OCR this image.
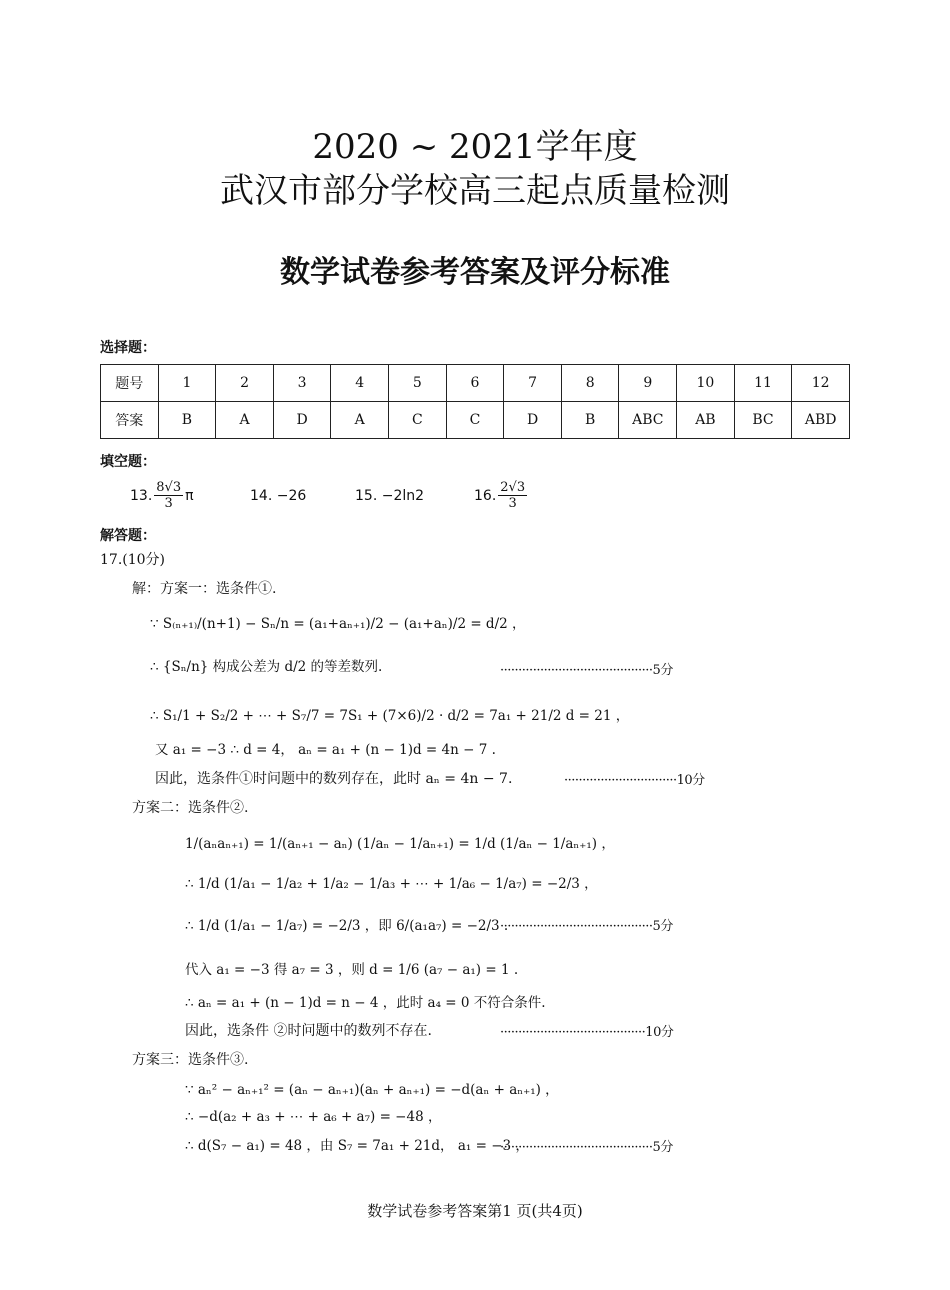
2020 ~ 2021学年度
武汉市部分学校高三起点质量检测
数学试卷参考答案及评分标准
选择题：
题号	1	2	3	4	5	6	7	8	9	10	11	12
答案	B	A	D	A	C	C	D	B	ABC	AB	BC	ABD
填空题：
13. $\frac{8√3}{3}$ π	14. −26	15. −2ln2	16. $\frac{2√3}{3}$
解答题：
17.(10分)
解：方案一：选条件①.
∵ S₍ₙ₊₁₎/(n+1) − Sₙ/n = (a₁+aₙ₊₁)/2 − (a₁+aₙ)/2 = d/2 ，
∴ {Sₙ/n} 构成公差为 d/2 的等差数列.	··········································5分
∴ S₁/1 + S₂/2 + ⋯ + S₇/7 = 7S₁ + (7×6)/2 · d/2 = 7a₁ + 21/2 d = 21 ，
又 a₁ = −3 ∴ d = 4， aₙ = a₁ + (n − 1)d = 4n − 7 .
因此，选条件①时问题中的数列存在，此时 aₙ = 4n − 7.	·······························10分
方案二：选条件②.
1/(aₙaₙ₊₁) = 1/(aₙ₊₁ − aₙ) (1/aₙ − 1/aₙ₊₁) = 1/d (1/aₙ − 1/aₙ₊₁) ，
∴ 1/d (1/a₁ − 1/a₂ + 1/a₂ − 1/a₃ + ⋯ + 1/a₆ − 1/a₇) = −2/3 ，
∴ 1/d (1/a₁ − 1/a₇) = −2/3 ，即 6/(a₁a₇) = −2/3 .
··········································5分
代入 a₁ = −3 得 a₇ = 3 ，则 d = 1/6 (a₇ − a₁) = 1 .
∴ aₙ = a₁ + (n − 1)d = n − 4 ，此时 a₄ = 0 不符合条件.
因此，选条件 ②时问题中的数列不存在.	········································10分
方案三：选条件③.
∵ aₙ² − aₙ₊₁² = (aₙ − aₙ₊₁)(aₙ + aₙ₊₁) = −d(aₙ + aₙ₊₁) ，
∴ −d(a₂ + a₃ + ⋯ + a₆ + a₇) = −48 ，
∴ d(S₇ − a₁) = 48 ，由 S₇ = 7a₁ + 21d， a₁ = −3 ，
··········································5分
数学试卷参考答案第1 页(共4页)
